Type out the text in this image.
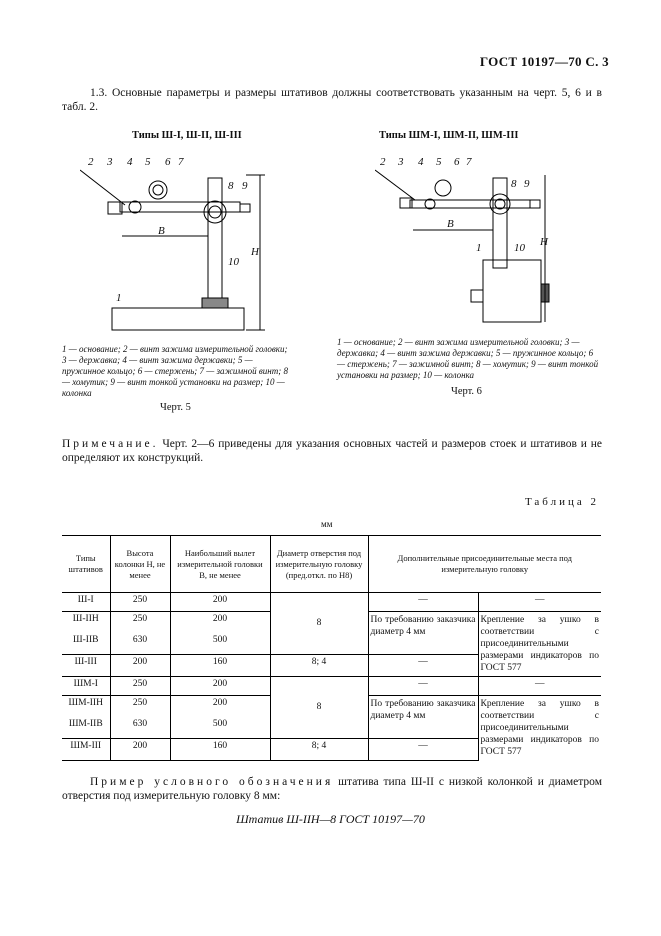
ГОСТ 10197—70 С. 3
1.3. Основные параметры и размеры штативов должны соответствовать указанным на черт. 5, 6 и в табл. 2.
Типы Ш-I, Ш-II, Ш-III
2 3 4 5 6 7
8 9
1
10
B
H
1 — основание; 2 — винт зажима измерительной головки; 3 — державка; 4 — винт зажима державки; 5 — пружинное кольцо; 6 — стержень; 7 — зажимной винт; 8 — хомутик; 9 — винт тонкой установки на размер; 10 — колонка
Черт. 5
Типы ШМ-I, ШМ-II, ШМ-III
2 3 4 5 6 7
8 9
1	10
B
H
1 — основание; 2 — винт зажима измерительной головки; 3 — державка; 4 — винт зажима державки; 5 — пружинное кольцо; 6 — стержень; 7 — зажимной винт; 8 — хомутик; 9 — винт тонкой установки на размер; 10 — колонка
Черт. 6
Примечание. Черт. 2—6 приведены для указания основных частей и размеров стоек и штативов и не определяют их конструкций.
Таблица 2
мм
Типы штативов	Высота колонки H, не менее	Наибольший вылет измерительной головки B, не менее	Диаметр отверстия под измерительную головку (пред.откл. по H8)	Дополнительные присоединительные места под измерительную головку	
Ш-I	250	200	8	—	—
Ш-IIН	250	200		По требованию заказчика диаметр 4 мм	Крепление за ушко в соответствии с присоединительными размерами индикаторов по ГОСТ 577
Ш-IIВ	630	500			
Ш-III	200	160	8; 4	—	
ШМ-I	250	200	8	—	—
ШМ-IIН	250	200		По требованию заказчика диаметр 4 мм	Крепление за ушко в соответствии с присоединительными размерами индикаторов по ГОСТ 577
ШМ-IIВ	630	500			
ШМ-III	200	160	8; 4	—	
Пример условного обозначения штатива типа Ш-II с низкой колонкой и диаметром отверстия под измерительную головку 8 мм:
Штатив Ш-IIН—8 ГОСТ 10197—70
